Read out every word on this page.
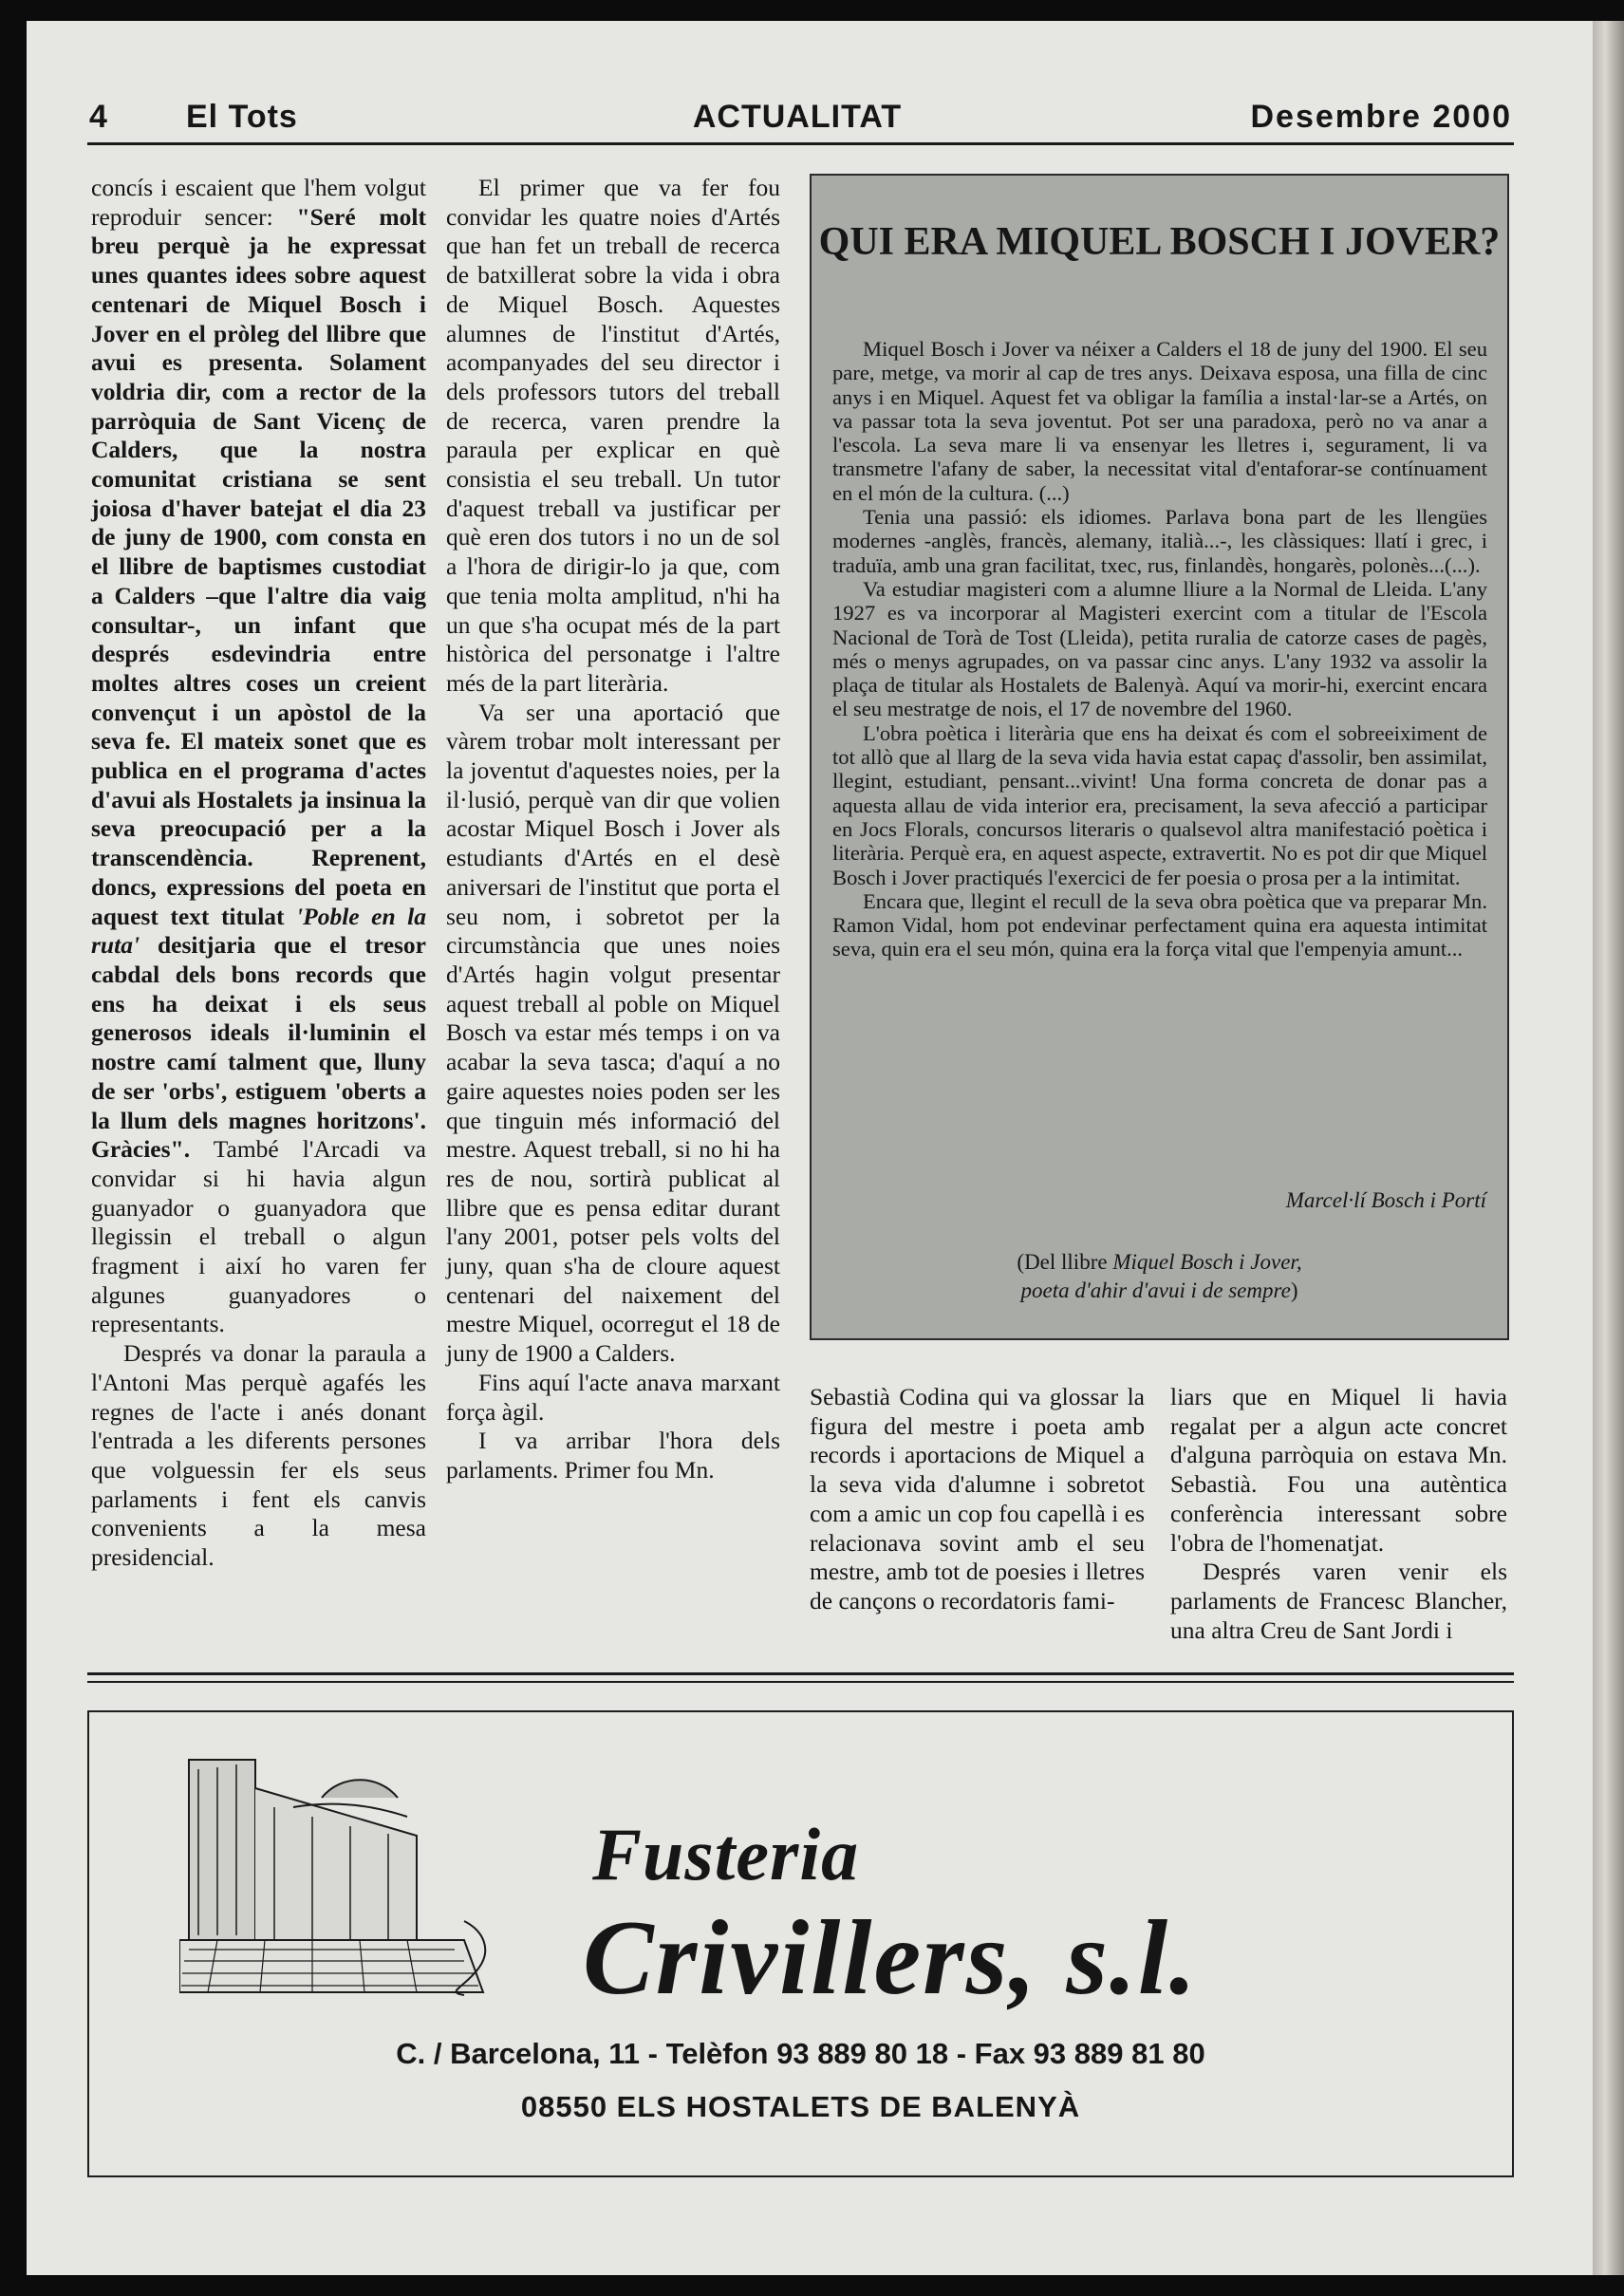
4 El Tots	ACTUALITAT	Desembre 2000

concís i escaient que l'hem volgut reproduir sencer: "Seré molt breu perquè ja he expressat unes quantes idees sobre aquest centenari de Miquel Bosch i Jover en el pròleg del llibre que avui es presenta. Solament voldria dir, com a rector de la parròquia de Sant Vicenç de Calders, que la nostra comunitat cristiana se sent joiosa d'haver batejat el dia 23 de juny de 1900, com consta en el llibre de baptismes custodiat a Calders –que l'altre dia vaig consultar-, un infant que després esdevindria entre moltes altres coses un creient convençut i un apòstol de la seva fe. El mateix sonet que es publica en el programa d'actes d'avui als Hostalets ja insinua la seva preocupació per a la transcendència. Reprenent, doncs, expressions del poeta en aquest text titulat 'Poble en la ruta' desitjaria que el tresor cabdal dels bons records que ens ha deixat i els seus generosos ideals il·luminin el nostre camí talment que, lluny de ser 'orbs', estiguem 'oberts a la llum dels magnes horitzons'. Gràcies". També l'Arcadi va convidar si hi havia algun guanyador o guanyadora que llegissin el treball o algun fragment i així ho varen fer algunes guanyadores o representants.

Després va donar la paraula a l'Antoni Mas perquè agafés les regnes de l'acte i anés donant l'entrada a les diferents persones que volguessin fer els seus parlaments i fent els canvis convenients a la mesa presidencial.

El primer que va fer fou convidar les quatre noies d'Artés que han fet un treball de recerca de batxillerat sobre la vida i obra de Miquel Bosch. Aquestes alumnes de l'institut d'Artés, acompanyades del seu director i dels professors tutors del treball de recerca, varen prendre la paraula per explicar en què consistia el seu treball. Un tutor d'aquest treball va justificar per què eren dos tutors i no un de sol a l'hora de dirigir-lo ja que, com que tenia molta amplitud, n'hi ha un que s'ha ocupat més de la part històrica del personatge i l'altre més de la part literària.

Va ser una aportació que vàrem trobar molt interessant per la joventut d'aquestes noies, per la il·lusió, perquè van dir que volien acostar Miquel Bosch i Jover als estudiants d'Artés en el desè aniversari de l'institut que porta el seu nom, i sobretot per la circumstància que unes noies d'Artés hagin volgut presentar aquest treball al poble on Miquel Bosch va estar més temps i on va acabar la seva tasca; d'aquí a no gaire aquestes noies poden ser les que tinguin més informació del mestre. Aquest treball, si no hi ha res de nou, sortirà publicat al llibre que es pensa editar durant l'any 2001, potser pels volts del juny, quan s'ha de cloure aquest centenari del naixement del mestre Miquel, ocorregut el 18 de juny de 1900 a Calders.

Fins aquí l'acte anava marxant força àgil.

I va arribar l'hora dels parlaments. Primer fou Mn.

QUI ERA MIQUEL BOSCH I JOVER?

Miquel Bosch i Jover va néixer a Calders el 18 de juny del 1900. El seu pare, metge, va morir al cap de tres anys. Deixava esposa, una filla de cinc anys i en Miquel. Aquest fet va obligar la família a instal·lar-se a Artés, on va passar tota la seva joventut. Pot ser una paradoxa, però no va anar a l'escola. La seva mare li va ensenyar les lletres i, segurament, li va transmetre l'afany de saber, la necessitat vital d'entaforar-se contínuament en el món de la cultura. (...)

Tenia una passió: els idiomes. Parlava bona part de les llengües modernes -anglès, francès, alemany, italià...-, les clàssiques: llatí i grec, i traduïa, amb una gran facilitat, txec, rus, finlandès, hongarès, polonès...(...).

Va estudiar magisteri com a alumne lliure a la Normal de Lleida. L'any 1927 es va incorporar al Magisteri exercint com a titular de l'Escola Nacional de Torà de Tost (Lleida), petita ruralia de catorze cases de pagès, més o menys agrupades, on va passar cinc anys. L'any 1932 va assolir la plaça de titular als Hostalets de Balenyà. Aquí va morir-hi, exercint encara el seu mestratge de nois, el 17 de novembre del 1960.

L'obra poètica i literària que ens ha deixat és com el sobreeiximent de tot allò que al llarg de la seva vida havia estat capaç d'assolir, ben assimilat, llegint, estudiant, pensant...vivint! Una forma concreta de donar pas a aquesta allau de vida interior era, precisament, la seva afecció a participar en Jocs Florals, concursos literaris o qualsevol altra manifestació poètica i literària. Perquè era, en aquest aspecte, extravertit. No es pot dir que Miquel Bosch i Jover practiqués l'exercici de fer poesia o prosa per a la intimitat.

Encara que, llegint el recull de la seva obra poètica que va preparar Mn. Ramon Vidal, hom pot endevinar perfectament quina era aquesta intimitat seva, quin era el seu món, quina era la força vital que l'empenyia amunt...

Marcel·lí Bosch i Portí

(Del llibre Miquel Bosch i Jover,
poeta d'ahir d'avui i de sempre)

Sebastià Codina qui va glossar la figura del mestre i poeta amb records i aportacions de Miquel a la seva vida d'alumne i sobretot com a amic un cop fou capellà i es relacionava sovint amb el seu mestre, amb tot de poesies i lletres de cançons o recordatoris fami-

liars que en Miquel li havia regalat per a algun acte concret d'alguna parròquia on estava Mn. Sebastià. Fou una autèntica conferència interessant sobre l'obra de l'homenatjat.

Després varen venir els parlaments de Francesc Blancher, una altra Creu de Sant Jordi i

Fusteria

Crivillers, s.l.

C. / Barcelona, 11 - Telèfon 93 889 80 18 - Fax 93 889 81 80

08550 ELS HOSTALETS DE BALENYÀ
